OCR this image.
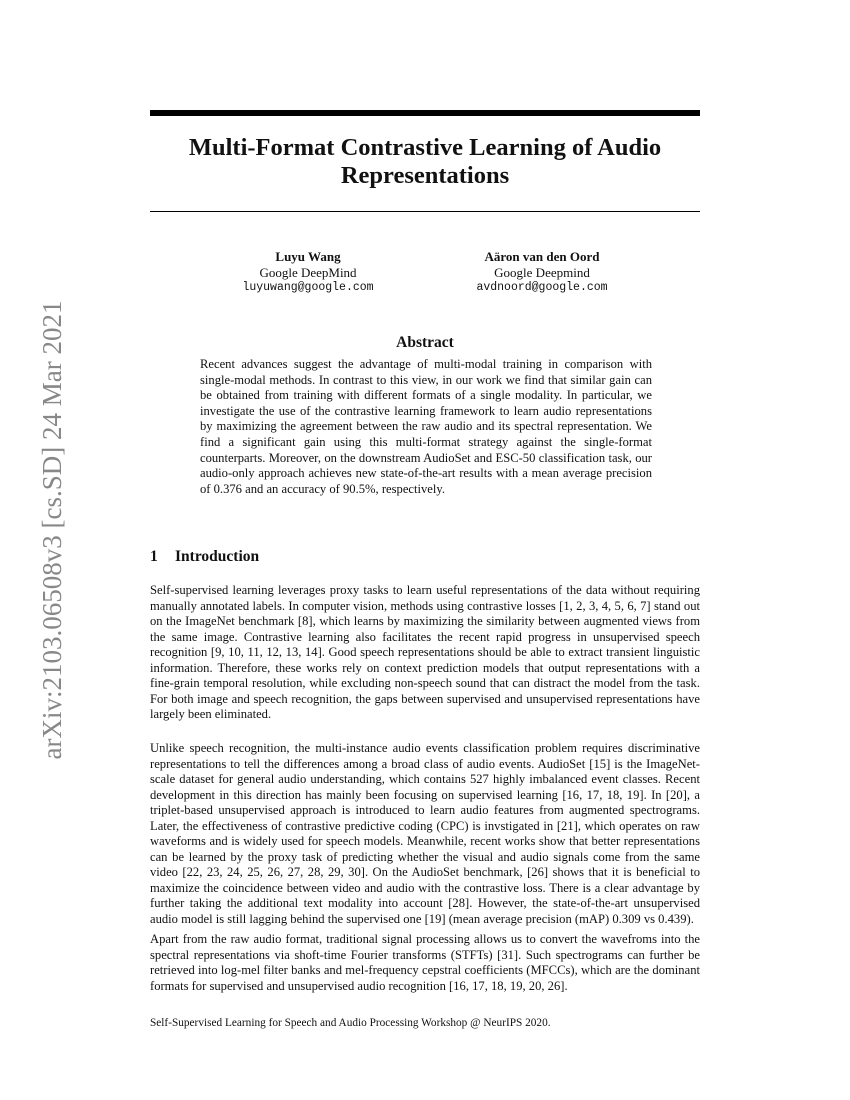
Multi-Format Contrastive Learning of Audio Representations
Luyu Wang
Google DeepMind
luyuwang@google.com
Aäron van den Oord
Google Deepmind
avdnoord@google.com
arXiv:2103.06508v3 [cs.SD] 24 Mar 2021	Abstract

Recent advances suggest the advantage of multi-modal training in comparison with single-modal methods. In contrast to this view, in our work we find that similar gain can be obtained from training with different formats of a single modality. In particular, we investigate the use of the contrastive learning framework to learn audio representations by maximizing the agreement between the raw audio and its spectral representation. We find a significant gain using this multi-format strategy against the single-format counterparts. Moreover, on the downstream AudioSet and ESC-50 classification task, our audio-only approach achieves new state-of-the-art results with a mean average precision of 0.376 and an accuracy of 90.5%, respectively.

1 Introduction

Self-supervised learning leverages proxy tasks to learn useful representations of the data without requiring manually annotated labels. In computer vision, methods using contrastive losses [1, 2, 3, 4, 5, 6, 7] stand out on the ImageNet benchmark [8], which learns by maximizing the similarity between augmented views from the same image. Contrastive learning also facilitates the recent rapid progress in unsupervised speech recognition [9, 10, 11, 12, 13, 14]. Good speech representations should be able to extract transient linguistic information. Therefore, these works rely on context prediction models that output representations with a fine-grain temporal resolution, while excluding non-speech sound that can distract the model from the task. For both image and speech recognition, the gaps between supervised and unsupervised representations have largely been eliminated.

Unlike speech recognition, the multi-instance audio events classification problem requires discriminative representations to tell the differences among a broad class of audio events. AudioSet [15] is the ImageNet-scale dataset for general audio understanding, which contains 527 highly imbalanced event classes. Recent development in this direction has mainly been focusing on supervised learning [16, 17, 18, 19]. In [20], a triplet-based unsupervised approach is introduced to learn audio features from augmented spectrograms. Later, the effectiveness of contrastive predictive coding (CPC) is invstigated in [21], which operates on raw waveforms and is widely used for speech models. Meanwhile, recent works show that better representations can be learned by the proxy task of predicting whether the visual and audio signals come from the same video [22, 23, 24, 25, 26, 27, 28, 29, 30]. On the AudioSet benchmark, [26] shows that it is beneficial to maximize the coincidence between video and audio with the contrastive loss. There is a clear advantage by further taking the additional text modality into account [28]. However, the state-of-the-art unsupervised audio model is still lagging behind the supervised one [19] (mean average precision (mAP) 0.309 vs 0.439).

Apart from the raw audio format, traditional signal processing allows us to convert the wavefroms into the spectral representations via shoft-time Fourier transforms (STFTs) [31]. Such spectrograms can further be retrieved into log-mel filter banks and mel-frequency cepstral coefficients (MFCCs), which are the dominant formats for supervised and unsupervised audio recognition [16, 17, 18, 19, 20, 26].

Self-Supervised Learning for Speech and Audio Processing Workshop @ NeurIPS 2020.
